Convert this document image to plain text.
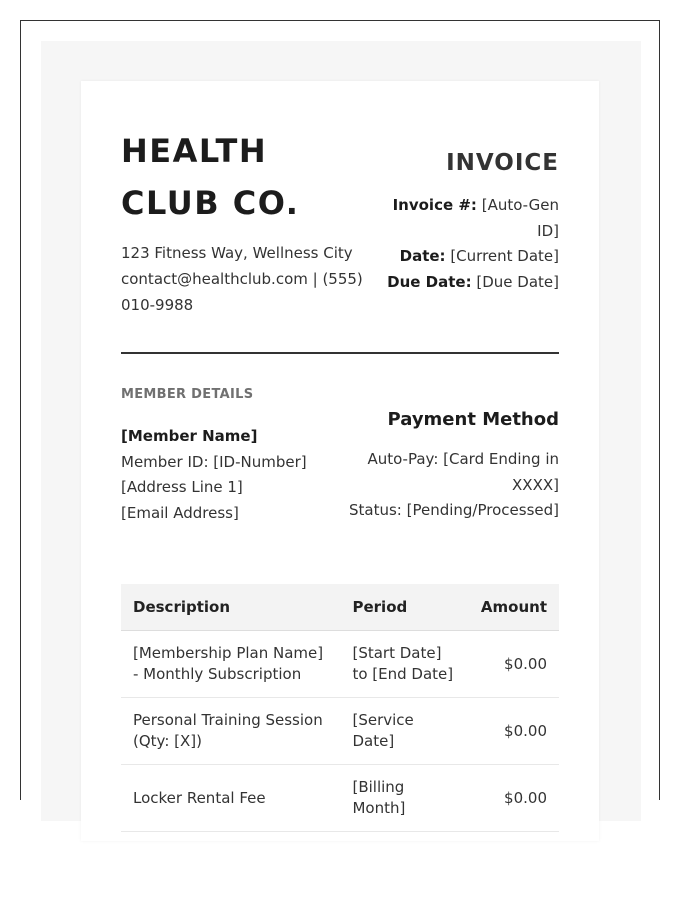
HEALTH CLUB CO.
123 Fitness Way, Wellness City
contact@healthclub.com | (555) 010-9988
INVOICE
Invoice #: [Auto-Gen ID]
Date: [Current Date]
Due Date: [Due Date]
MEMBER DETAILS
[Member Name]
Member ID: [ID-Number]
[Address Line 1]
[Email Address]
Payment Method
Auto-Pay: [Card Ending in XXXX]
Status: [Pending/Processed]
Description	Period	Amount
[Membership Plan Name] - Monthly Subscription	[Start Date] to [End Date]	$0.00
Personal Training Session (Qty: [X])	[Service Date]	$0.00
Locker Rental Fee	[Billing Month]	$0.00
